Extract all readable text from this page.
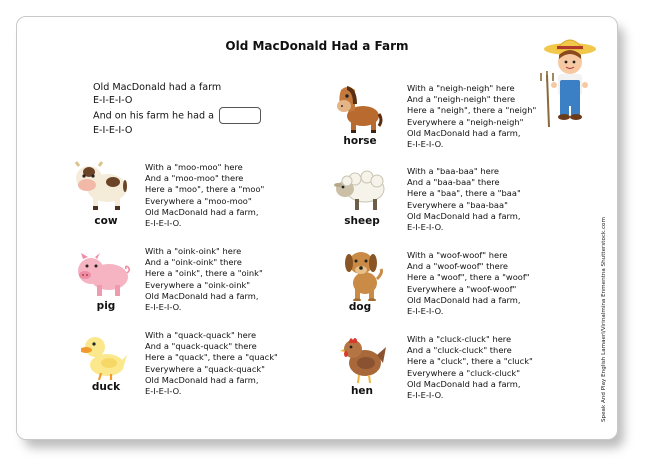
Old MacDonald Had a Farm
Old MacDonald had a farm
E-I-E-I-O
And on his farm he had a
E-I-E-I-O
cow
With a "moo-moo" here
And a "moo-moo" there
Here a "moo", there a "moo"
Everywhere a "moo-moo"
Old MacDonald had a farm,
E-I-E-I-O.
pig
With a "oink-oink" here
And a "oink-oink" there
Here a "oink", there a "oink"
Everywhere a "oink-oink"
Old MacDonald had a farm,
E-I-E-I-O.
duck
With a "quack-quack" here
And a "quack-quack" there
Here a "quack", there a "quack"
Everywhere a "quack-quack"
Old MacDonald had a farm,
E-I-E-I-O.
horse
With a "neigh-neigh" here
And a "neigh-neigh" there
Here a "neigh", there a "neigh"
Everywhere a "neigh-neigh"
Old MacDonald had a farm,
E-I-E-I-O.
sheep
With a "baa-baa" here
And a "baa-baa" there
Here a "baa", there a "baa"
Everywhere a "baa-baa"
Old MacDonald had a farm,
E-I-E-I-O.
dog
With a "woof-woof" here
And a "woof-woof" there
Here a "woof", there a "woof"
Everywhere a "woof-woof"
Old MacDonald had a farm,
E-I-E-I-O.
hen
With a "cluck-cluck" here
And a "cluck-cluck" there
Here a "cluck", there a "cluck"
Everywhere a "cluck-cluck"
Old MacDonald had a farm,
E-I-E-I-O.	Speak And Play English Lamaerl/Virinalmina Enmentna Shutterstock.com
